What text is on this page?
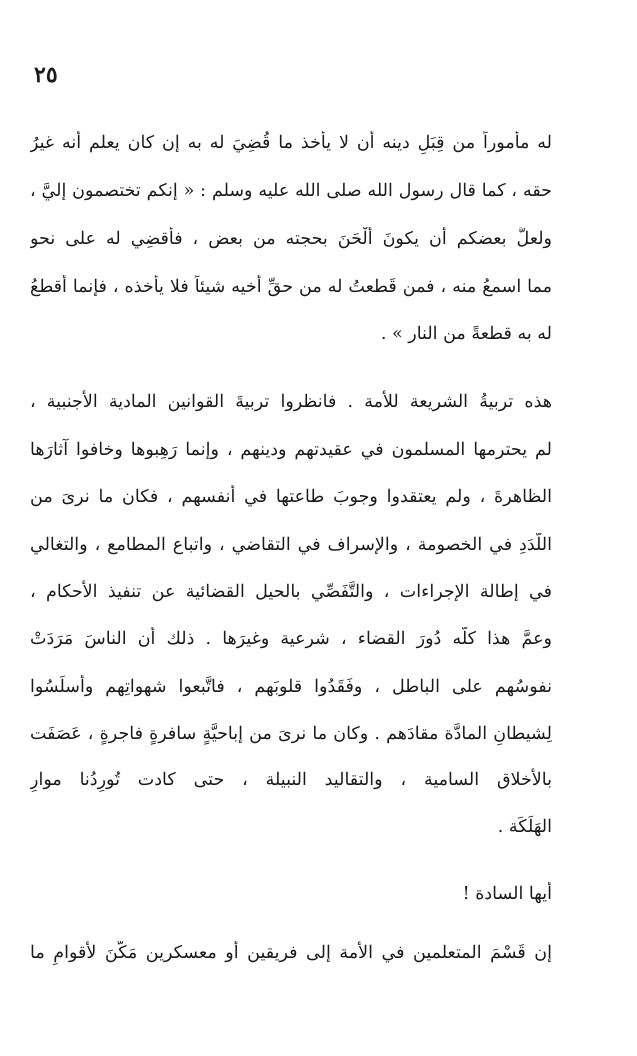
٢٥
له مأموراً من قِبَلِ دينه أن لا يأخذ ما قُضِيَ له به إن كان يعلم أنه غيرُ
حقه ، كما قال رسول الله صلى الله عليه وسلم : « إنكم تختصمون إليَّ ،
ولعلَّ بعضكم أن يكونَ أَلْحَنَ بحجته من بعض ، فأَقضِي له على نحو
مما اسمعُ منه ، فمن قَطعتُ له من حقِّ أخيه شيئاً فلا يأخذه ، فإنما أقطعُ
له به قطعةً من النار » .
هذه تربيةُ الشريعة للأُمة . فانظروا تربيةَ القوانين المادية الأَجنبية ،
لم يحترمها المسلمون في عقيدتهم ودينهم ، وإنما رَهِبوها وخافوا آثارَها
الظاهرةَ ، ولم يعتقدوا وجوبَ طاعتها في أنفسهم ، فكان ما نرىَ من
اللَّدَدِ في الخصومة ، والإسراف في التقاضي ، واتباع المطامع ، والتغالي
في إطالة الإجراءات ، والتَّفَصِّي بالحيل القضائية عن تنفيذ الأَحكام ،
وعمَّ هذا كلُّه دُورَ القضاء ، شرعية وغيرَها . ذلك أن الناسَ مَرَدَتْ
نفوسُهم على الباطل ، وفَقَدُوا قلوبَهم ، فاتَّبعوا شهواتِهم وأسلَسُوا
لِشيطانِ المادَّة مقادَهم . وكان ما نرىَ من إباحيَّةٍ سافرةٍ فاجرةٍ ، عَصَفَت
بالأَخلاق السامية ، والتقاليد النبيلة ، حتى كادت تُورِدُنا موارِ
الهَلَكَة .
أيها السادة !
إن قَسْمَ المتعلمين في الأُمة إلى فريقين أو معسكرين مَكَّنَ لأَقوامٍ ما
